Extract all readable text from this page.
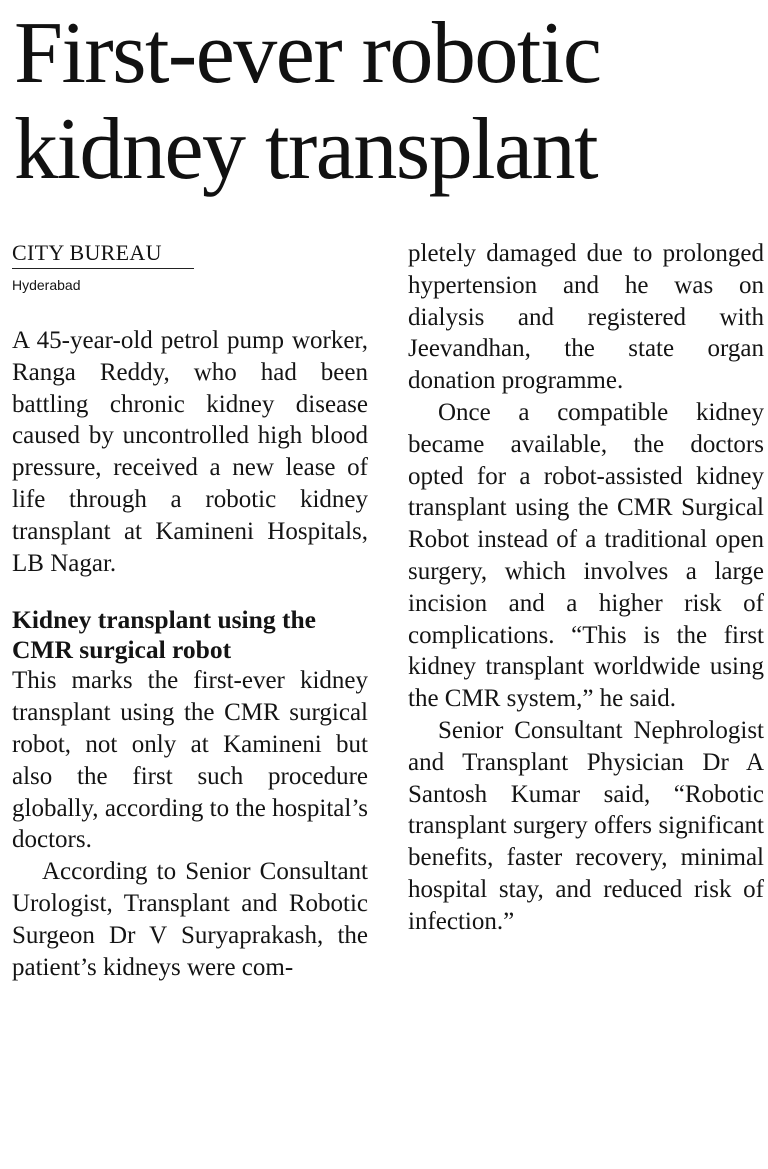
First-ever robotic
kidney transplant
CITY BUREAU
Hyderabad

A 45-year-old petrol pump worker, Ranga Reddy, who had been battling chronic kidney disease caused by uncontrolled high blood pressure, received a new lease of life through a robotic kidney transplant at Kamineni Hospitals, LB Nagar.

Kidney transplant using the CMR surgical robot

This marks the first-ever kidney transplant using the CMR surgical robot, not only at Kamineni but also the first such procedure globally, according to the hospital’s doctors.

According to Senior Consultant Urologist, Transplant and Robotic Surgeon Dr V Suryaprakash, the patient’s kidneys were com-

pletely damaged due to prolonged hypertension and he was on dialysis and registered with Jeevandhan, the state organ donation programme.

Once a compatible kidney became available, the doctors opted for a robot-assisted kidney transplant using the CMR Surgical Robot instead of a traditional open surgery, which involves a large incision and a higher risk of complications. “This is the first kidney transplant worldwide using the CMR system,” he said.

Senior Consultant Nephrologist and Transplant Physician Dr A Santosh Kumar said, “Robotic transplant surgery offers significant benefits, faster recovery, minimal hospital stay, and reduced risk of infection.”
